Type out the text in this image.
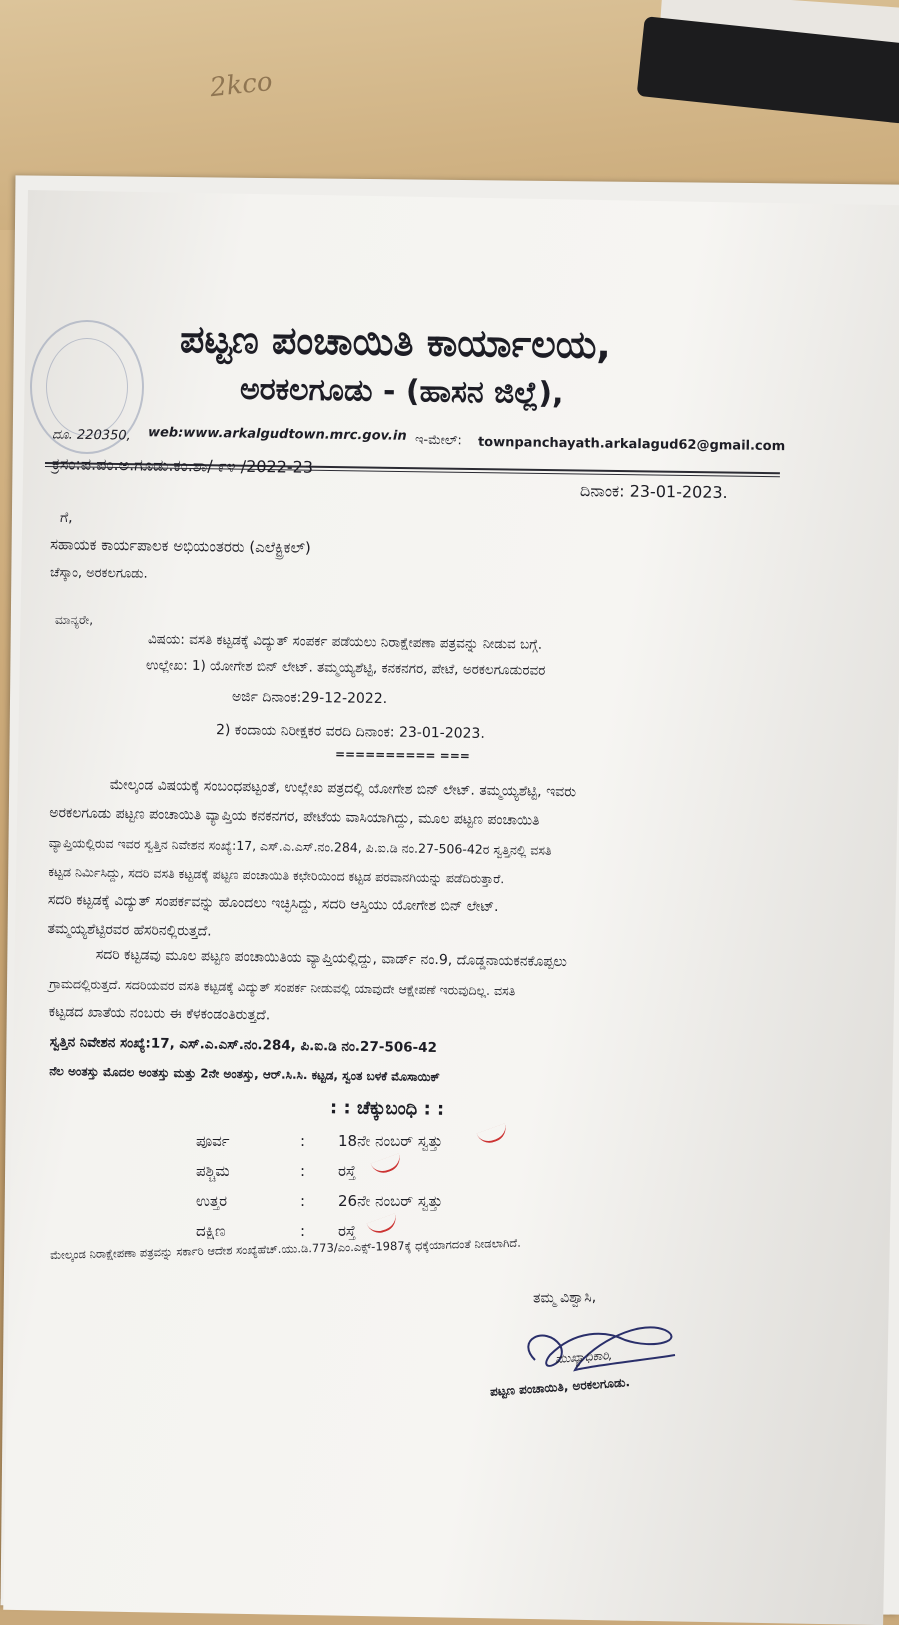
2kco
ಪಟ್ಟಣ ಪಂಚಾಯಿತಿ ಕಾರ್ಯಾಲಯ,
ಅರಕಲಗೂಡು - (ಹಾಸನ ಜಿಲ್ಲೆ),
ದೂ. 220350, web:www.arkalgudtown.mrc.gov.in ಇ-ಮೇಲ್: townpanchayath.arkalagud62@gmail.com
ಕ್ರಸಂ:ಪ.ಪಂ.ಅ.ಗೂಡು.ಕಂ.ಶಾ/ ೯೪ /2022-23
ದಿನಾಂಕ: 23-01-2023.
ಗೆ,
ಸಹಾಯಕ ಕಾರ್ಯಪಾಲಕ ಅಭಿಯಂತರರು (ಎಲೆಕ್ಟ್ರಿಕಲ್)
ಚೆಸ್ಕಾಂ, ಅರಕಲಗೂಡು.
ಮಾನ್ಯರೇ,
ವಿಷಯ: ವಸತಿ ಕಟ್ಟಡಕ್ಕೆ ವಿದ್ಯುತ್ ಸಂಪರ್ಕ ಪಡೆಯಲು ನಿರಾಕ್ಷೇಪಣಾ ಪತ್ರವನ್ನು ನೀಡುವ ಬಗ್ಗೆ.
ಉಲ್ಲೇಖ: 1) ಯೋಗೇಶ ಬಿನ್ ಲೇಟ್. ತಮ್ಮಯ್ಯಶೆಟ್ಟಿ, ಕನಕನಗರ, ಪೇಟೆ, ಅರಕಲಗೂಡುರವರ
ಅರ್ಜಿ ದಿನಾಂಕ:29-12-2022.
2) ಕಂದಾಯ ನಿರೀಕ್ಷಕರ ವರದಿ ದಿನಾಂಕ: 23-01-2023.
========== ===
ಮೇಲ್ಕಂಡ ವಿಷಯಕ್ಕೆ ಸಂಬಂಧಪಟ್ಟಂತೆ, ಉಲ್ಲೇಖ ಪತ್ರದಲ್ಲಿ ಯೋಗೇಶ ಬಿನ್ ಲೇಟ್. ತಮ್ಮಯ್ಯಶೆಟ್ಟಿ, ಇವರು
ಅರಕಲಗೂಡು ಪಟ್ಟಣ ಪಂಚಾಯಿತಿ ವ್ಯಾಪ್ತಿಯ ಕನಕನಗರ, ಪೇಟೆಯ ವಾಸಿಯಾಗಿದ್ದು, ಮೂಲ ಪಟ್ಟಣ ಪಂಚಾಯಿತಿ
ವ್ಯಾಪ್ತಿಯಲ್ಲಿರುವ ಇವರ ಸ್ವತ್ತಿನ ನಿವೇಶನ ಸಂಖ್ಯೆ:17, ಎಸ್.ಎ.ಎಸ್.ನಂ.284, ಪಿ.ಐ.ಡಿ ನಂ.27-506-42ರ ಸ್ವತ್ತಿನಲ್ಲಿ ವಸತಿ
ಕಟ್ಟಡ ನಿರ್ಮಿಸಿದ್ದು, ಸದರಿ ವಸತಿ ಕಟ್ಟಡಕ್ಕೆ ಪಟ್ಟಣ ಪಂಚಾಯಿತಿ ಕಛೇರಿಯಿಂದ ಕಟ್ಟಡ ಪರವಾನಗಿಯನ್ನು ಪಡೆದಿರುತ್ತಾರೆ.
ಸದರಿ ಕಟ್ಟಡಕ್ಕೆ ವಿದ್ಯುತ್ ಸಂಪರ್ಕವನ್ನು ಹೊಂದಲು ಇಚ್ಛಿಸಿದ್ದು, ಸದರಿ ಆಸ್ತಿಯು ಯೋಗೇಶ ಬಿನ್ ಲೇಟ್.
ತಮ್ಮಯ್ಯಶೆಟ್ಟಿರವರ ಹೆಸರಿನಲ್ಲಿರುತ್ತದೆ.
ಸದರಿ ಕಟ್ಟಡವು ಮೂಲ ಪಟ್ಟಣ ಪಂಚಾಯಿತಿಯ ವ್ಯಾಪ್ತಿಯಲ್ಲಿದ್ದು, ವಾರ್ಡ್ ನಂ.9, ದೊಡ್ಡನಾಯಕನಕೊಪ್ಪಲು
ಗ್ರಾಮದಲ್ಲಿರುತ್ತದೆ. ಸದರಿಯವರ ವಸತಿ ಕಟ್ಟಡಕ್ಕೆ ವಿದ್ಯುತ್ ಸಂಪರ್ಕ ನೀಡುವಲ್ಲಿ ಯಾವುದೇ ಆಕ್ಷೇಪಣೆ ಇರುವುದಿಲ್ಲ. ವಸತಿ
ಕಟ್ಟಡದ ಖಾತೆಯ ನಂಬರು ಈ ಕೆಳಕಂಡಂತಿರುತ್ತದೆ.
ಸ್ವತ್ತಿನ ನಿವೇಶನ ಸಂಖ್ಯೆ:17, ಎಸ್.ಎ.ಎಸ್.ನಂ.284, ಪಿ.ಐ.ಡಿ ನಂ.27-506-42
ನೆಲ ಅಂತಸ್ತು ಮೊದಲ ಅಂತಸ್ತು ಮತ್ತು 2ನೇ ಅಂತಸ್ತು, ಆರ್.ಸಿ.ಸಿ. ಕಟ್ಟಡ, ಸ್ವಂತ ಬಳಕೆ ಮೊಸಾಯಿಕ್
: : ಚೆಕ್ಕುಬಂಧಿ : :
ಪೂರ್ವ	: 18ನೇ ನಂಬರ್ ಸ್ವತ್ತು
ಪಶ್ಚಿಮ	: ರಸ್ತೆ
ಉತ್ತರ	: 26ನೇ ನಂಬರ್ ಸ್ವತ್ತು
ದಕ್ಷಿಣ	: ರಸ್ತೆ
ಮೇಲ್ಕಂಡ ನಿರಾಕ್ಷೇಪಣಾ ಪತ್ರವನ್ನು ಸರ್ಕಾರಿ ಆದೇಶ ಸಂಖ್ಯೆಹೆಚ್.ಯು.ಡಿ.773/ಎಂ.ಎಕ್ಸ್-1987ಕ್ಕೆ ಧಕ್ಕೆಯಾಗದಂತೆ ನೀಡಲಾಗಿದೆ.
ತಮ್ಮ ವಿಶ್ವಾಸಿ,
ಮುಖ್ಯಾಧಿಕಾರಿ,
ಪಟ್ಟಣ ಪಂಚಾಯಿತಿ, ಅರಕಲಗೂಡು.
